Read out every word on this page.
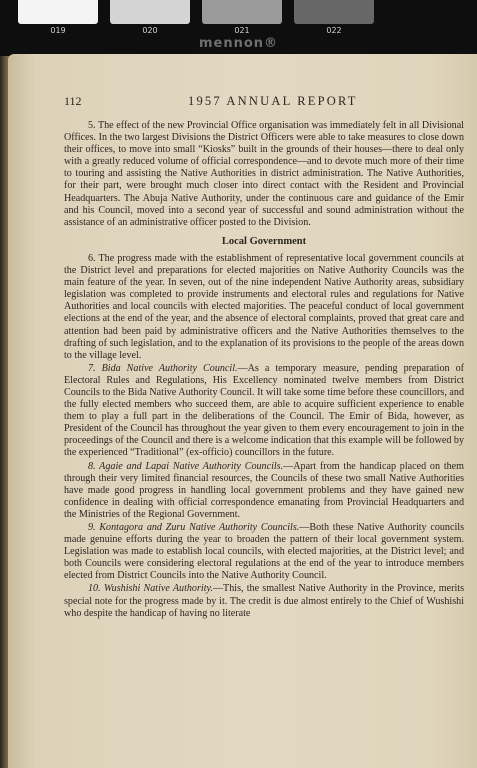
019	020	021	022
mennon®
112	1957 ANNUAL REPORT

5. The effect of the new Provincial Office organisation was immediately felt in all Divisional Offices. In the two largest Divisions the District Officers were able to take measures to close down their offices, to move into small “Kiosks” built in the grounds of their houses—there to deal only with a greatly reduced volume of official correspondence—and to devote much more of their time to touring and assisting the Native Authorities in district administration. The Native Authorities, for their part, were brought much closer into direct contact with the Resident and Provincial Headquarters. The Abuja Native Authority, under the continuous care and guidance of the Emir and his Council, moved into a second year of successful and sound administration without the assistance of an administrative officer posted to the Division.

Local Government

6. The progress made with the establishment of representative local government councils at the District level and preparations for elected majorities on Native Authority Councils was the main feature of the year. In seven, out of the nine independent Native Authority areas, subsidiary legislation was completed to provide instruments and electoral rules and regulations for Native Authorities and local councils with elected majorities. The peaceful conduct of local government elections at the end of the year, and the absence of electoral complaints, proved that great care and attention had been paid by administrative officers and the Native Authorities themselves to the drafting of such legislation, and to the explanation of its provisions to the people of the areas down to the village level.

7. Bida Native Authority Council.—As a temporary measure, pending preparation of Electoral Rules and Regulations, His Excellency nominated twelve members from District Councils to the Bida Native Authority Council. It will take some time before these councillors, and the fully elected members who succeed them, are able to acquire sufficient experience to enable them to play a full part in the deliberations of the Council. The Emir of Bida, however, as President of the Council has throughout the year given to them every encouragement to join in the proceedings of the Council and there is a welcome indication that this example will be followed by the experienced “Traditional” (ex-officio) councillors in the future.

8. Agaie and Lapai Native Authority Councils.—Apart from the handicap placed on them through their very limited financial resources, the Councils of these two small Native Authorities have made good progress in handling local government problems and they have gained new confidence in dealing with official correspondence emanating from Provincial Headquarters and the Ministries of the Regional Government.

9. Kontagora and Zuru Native Authority Councils.—Both these Native Authority councils made genuine efforts during the year to broaden the pattern of their local government system. Legislation was made to establish local councils, with elected majorities, at the District level; and both Councils were considering electoral regulations at the end of the year to introduce members elected from District Councils into the Native Authority Council.

10. Wushishi Native Authority.—This, the smallest Native Authority in the Province, merits special note for the progress made by it. The credit is due almost entirely to the Chief of Wushishi who despite the handicap of having no literate
